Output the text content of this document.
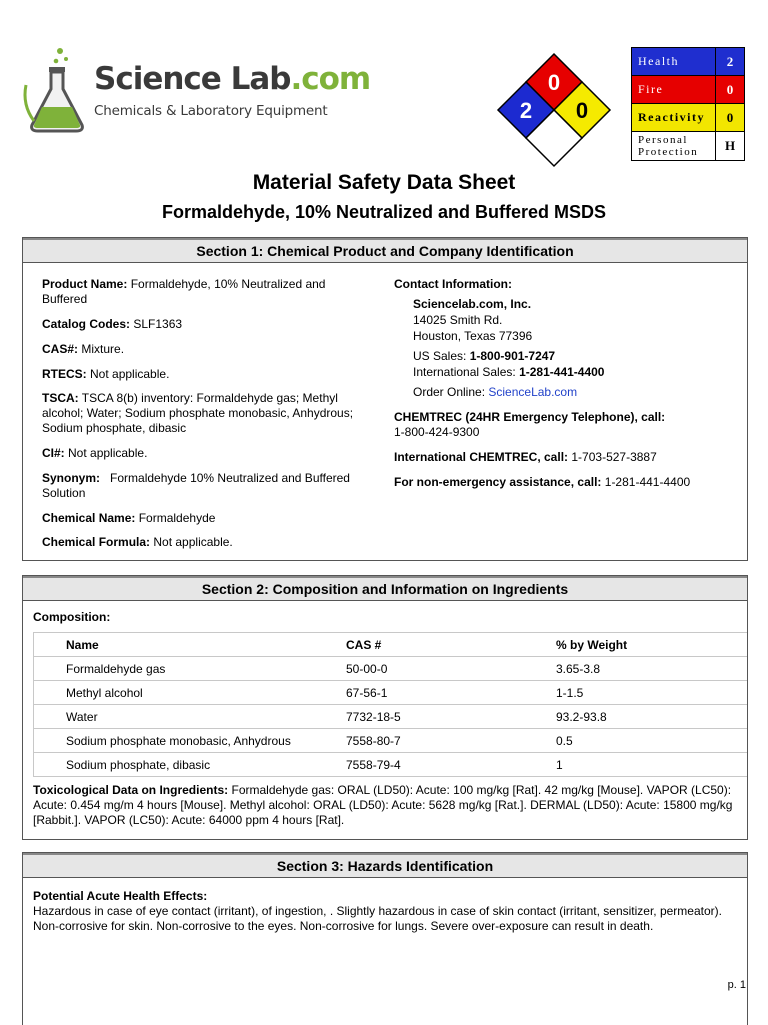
Science Lab.com
Chemicals & Laboratory Equipment
0
2 0
Health	2
Fire	0
Reactivity	0
Personal
Protection	H
Material Safety Data Sheet
Formaldehyde, 10% Neutralized and Buffered MSDS
Section 1: Chemical Product and Company Identification
Product Name: Formaldehyde, 10% Neutralized and Buffered
Catalog Codes: SLF1363
CAS#: Mixture.
RTECS: Not applicable.
TSCA: TSCA 8(b) inventory: Formaldehyde gas; Methyl alcohol; Water; Sodium phosphate monobasic, Anhydrous; Sodium phosphate, dibasic
CI#: Not applicable.
Synonym: Formaldehyde 10% Neutralized and Buffered Solution
Chemical Name: Formaldehyde
Chemical Formula: Not applicable.
Contact Information:
Sciencelab.com, Inc.
14025 Smith Rd.
Houston, Texas 77396
US Sales: 1-800-901-7247
International Sales: 1-281-441-4400
Order Online: ScienceLab.com
CHEMTREC (24HR Emergency Telephone), call:
1-800-424-9300
International CHEMTREC, call: 1-703-527-3887
For non-emergency assistance, call: 1-281-441-4400
Section 2: Composition and Information on Ingredients
Composition:
Name	CAS #	% by Weight
Formaldehyde gas	50-00-0	3.65-3.8
Methyl alcohol	67-56-1	1-1.5
Water	7732-18-5	93.2-93.8
Sodium phosphate monobasic, Anhydrous	7558-80-7	0.5
Sodium phosphate, dibasic	7558-79-4	1
Toxicological Data on Ingredients: Formaldehyde gas: ORAL (LD50): Acute: 100 mg/kg [Rat]. 42 mg/kg [Mouse]. VAPOR (LC50): Acute: 0.454 mg/m 4 hours [Mouse]. Methyl alcohol: ORAL (LD50): Acute: 5628 mg/kg [Rat.]. DERMAL (LD50): Acute: 15800 mg/kg [Rabbit.]. VAPOR (LC50): Acute: 64000 ppm 4 hours [Rat].
Section 3: Hazards Identification
Potential Acute Health Effects:
Hazardous in case of eye contact (irritant), of ingestion, . Slightly hazardous in case of skin contact (irritant, sensitizer, permeator). Non-corrosive for skin. Non-corrosive to the eyes. Non-corrosive for lungs. Severe over-exposure can result in death.
p. 1
